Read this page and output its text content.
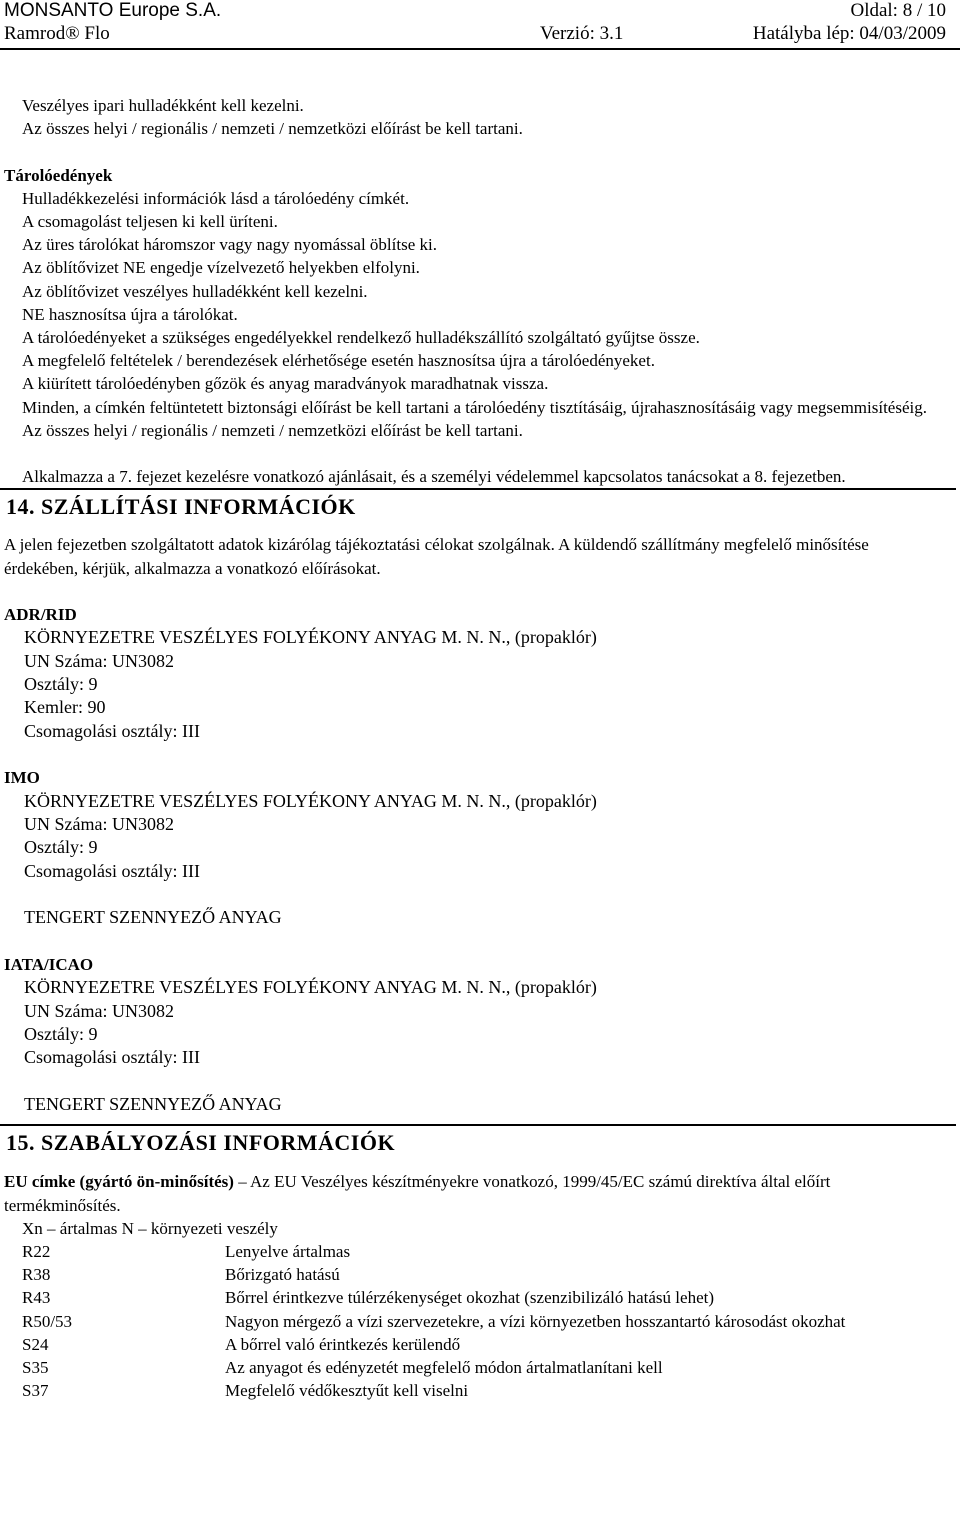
MONSANTO Europe S.A.	Oldal: 8 / 10
Ramrod® Flo	Verzió: 3.1	Hatályba lép: 04/03/2009
Veszélyes ipari hulladékként kell kezelni.
Az összes helyi / regionális / nemzeti / nemzetközi előírást be kell tartani.
Tárolóedények
Hulladékkezelési információk lásd a tárolóedény címkét.
A csomagolást teljesen ki kell üríteni.
Az üres tárolókat háromszor vagy nagy nyomással öblítse ki.
Az öblítővizet NE engedje vízelvezető helyekben elfolyni.
Az öblítővizet veszélyes hulladékként kell kezelni.
NE hasznosítsa újra a tárolókat.
A tárolóedényeket a szükséges engedélyekkel rendelkező hulladékszállító szolgáltató gyűjtse össze.
A megfelelő feltételek / berendezések elérhetősége esetén hasznosítsa újra a tárolóedényeket.
A kiürített tárolóedényben gőzök és anyag maradványok maradhatnak vissza.
Minden, a címkén feltüntetett biztonsági előírást be kell tartani a tárolóedény tisztításáig, újrahasznosításáig vagy megsemmisítéséig.
Az összes helyi / regionális / nemzeti / nemzetközi előírást be kell tartani.
Alkalmazza a 7. fejezet kezelésre vonatkozó ajánlásait, és a személyi védelemmel kapcsolatos tanácsokat a 8. fejezetben.
14. SZÁLLÍTÁSI INFORMÁCIÓK
A jelen fejezetben szolgáltatott adatok kizárólag tájékoztatási célokat szolgálnak. A küldendő szállítmány megfelelő minősítése érdekében, kérjük, alkalmazza a vonatkozó előírásokat.
ADR/RID
KÖRNYEZETRE VESZÉLYES FOLYÉKONY ANYAG M. N. N., (propaklór)
UN Száma: UN3082
Osztály: 9
Kemler: 90
Csomagolási osztály: III
IMO
KÖRNYEZETRE VESZÉLYES FOLYÉKONY ANYAG M. N. N., (propaklór)
UN Száma: UN3082
Osztály: 9
Csomagolási osztály: III
TENGERT SZENNYEZŐ ANYAG
IATA/ICAO
KÖRNYEZETRE VESZÉLYES FOLYÉKONY ANYAG M. N. N., (propaklór)
UN Száma: UN3082
Osztály: 9
Csomagolási osztály: III
TENGERT SZENNYEZŐ ANYAG
15. SZABÁLYOZÁSI INFORMÁCIÓK
EU címke (gyártó ön-minősítés) – Az EU Veszélyes készítményekre vonatkozó, 1999/45/EC számú direktíva által előírt termékminősítés.
Xn – ártalmas N – környezeti veszély
R22	Lenyelve ártalmas
R38	Bőrizgató hatású
R43	Bőrrel érintkezve túlérzékenységet okozhat (szenzibilizáló hatású lehet)
R50/53	Nagyon mérgező a vízi szervezetekre, a vízi környezetben hosszantartó károsodást okozhat
S24	A bőrrel való érintkezés kerülendő
S35	Az anyagot és edényzetét megfelelő módon ártalmatlanítani kell
S37	Megfelelő védőkesztyűt kell viselni
